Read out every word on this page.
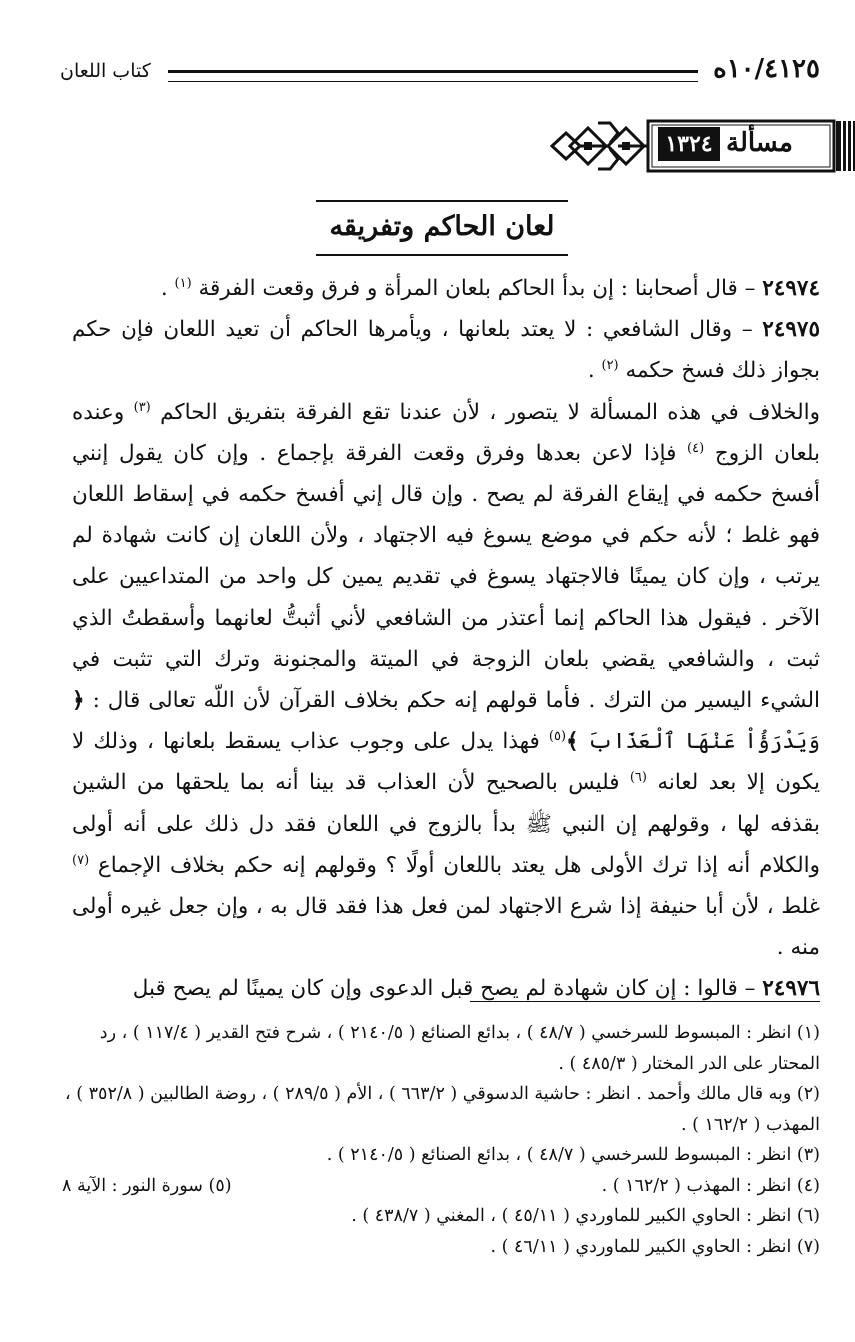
كتاب اللعان	١٠/٤١٢٥ه
مسألة
١٣٢٤
لعان الحاكم وتفريقه

٢٤٩٧٤ – قال أصحابنا : إن بدأ الحاكم بلعان المرأة و فرق وقعت الفرقة $^{(١)}$ .

٢٤٩٧٥ – وقال الشافعي : لا يعتد بلعانها ، ويأمرها الحاكم أن تعيد اللعان فإن حكم بجواز ذلك فسخ حكمه $^{(٢)}$ .

والخلاف في هذه المسألة لا يتصور ، لأن عندنا تقع الفرقة بتفريق الحاكم $^{(٣)}$ وعنده بلعان الزوج $^{(٤)}$ فإذا لاعن بعدها وفرق وقعت الفرقة بإجماع . وإن كان يقول إنني أفسخ حكمه في إيقاع الفرقة لم يصح . وإن قال إني أفسخ حكمه في إسقاط اللعان فهو غلط ؛ لأنه حكم في موضع يسوغ فيه الاجتهاد ، ولأن اللعان إن كانت شهادة لم يرتب ، وإن كان يمينًا فالاجتهاد يسوغ في تقديم يمين كل واحد من المتداعيين على الآخر . فيقول هذا الحاكم إنما أعتذر من الشافعي لأني أثبتُّ لعانهما وأسقطتُ الذي ثبت ، والشافعي يقضي بلعان الزوجة في الميتة والمجنونة وترك التي تثبت في الشيء اليسير من الترك . فأما قولهم إنه حكم بخلاف القرآن لأن اللّه تعالى قال : ﴿ وَيَدْرَؤُاْ عَنْهَا ٱلْعَذَابَ ﴾$^{(٥)}$ فهذا يدل على وجوب عذاب يسقط بلعانها ، وذلك لا يكون إلا بعد لعانه $^{(٦)}$ فليس بالصحيح لأن العذاب قد بينا أنه بما يلحقها من الشين بقذفه لها ، وقولهم إن النبي ﷺ بدأ بالزوج في اللعان فقد دل ذلك على أنه أولى والكلام أنه إذا ترك الأولى هل يعتد باللعان أولًا ؟ وقولهم إنه حكم بخلاف الإجماع $^{(٧)}$ غلط ، لأن أبا حنيفة إذا شرع الاجتهاد لمن فعل هذا فقد قال به ، وإن جعل غيره أولى منه .

٢٤٩٧٦ – قالوا : إن كان شهادة لم يصح قبل الدعوى وإن كان يمينًا لم يصح قبل

(١) انظر : المبسوط للسرخسي ( ٤٨/٧ ) ، بدائع الصنائع ( ٢١٤٠/٥ ) ، شرح فتح القدير ( ١١٧/٤ ) ، رد المحتار على الدر المختار ( ٤٨٥/٣ ) .

(٢) وبه قال مالك وأحمد . انظر : حاشية الدسوقي ( ٦٦٣/٢ ) ، الأم ( ٢٨٩/٥ ) ، روضة الطالبين ( ٣٥٢/٨ ) ، المهذب ( ١٦٢/٢ ) .

(٣) انظر : المبسوط للسرخسي ( ٤٨/٧ ) ، بدائع الصنائع ( ٢١٤٠/٥ ) .

(٤) انظر : المهذب ( ١٦٢/٢ ) .
(٥) سورة النور : الآية ٨

(٦) انظر : الحاوي الكبير للماوردي ( ٤٥/١١ ) ، المغني ( ٤٣٨/٧ ) .

(٧) انظر : الحاوي الكبير للماوردي ( ٤٦/١١ ) .
